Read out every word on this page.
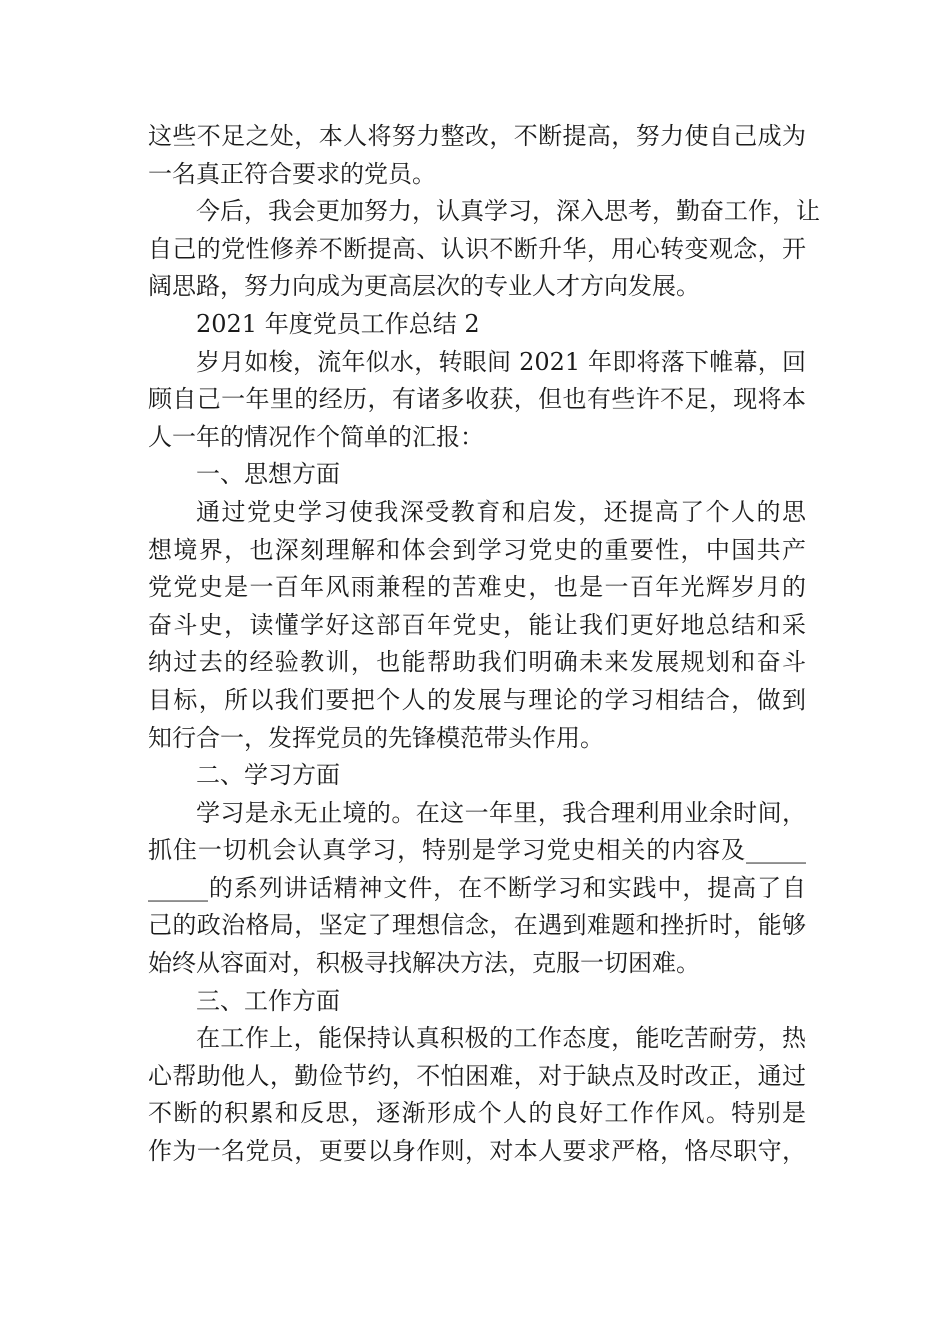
这些不足之处，本人将努力整改，不断提高，努力使自己成为
一名真正符合要求的党员。
今后，我会更加努力，认真学习，深入思考，勤奋工作，让
自己的党性修养不断提高、认识不断升华，用心转变观念，开
阔思路，努力向成为更高层次的专业人才方向发展。
2021 年度党员工作总结 2
岁月如梭，流年似水，转眼间 2021 年即将落下帷幕，回
顾自己一年里的经历，有诸多收获，但也有些许不足，现将本
人一年的情况作个简单的汇报：
一、思想方面
通过党史学习使我深受教育和启发，还提高了个人的思
想境界，也深刻理解和体会到学习党史的重要性，中国共产
党党史是一百年风雨兼程的苦难史，也是一百年光辉岁月的
奋斗史，读懂学好这部百年党史，能让我们更好地总结和采
纳过去的经验教训，也能帮助我们明确未来发展规划和奋斗
目标，所以我们要把个人的发展与理论的学习相结合，做到
知行合一，发挥党员的先锋模范带头作用。
二、学习方面
学习是永无止境的。在这一年里，我合理利用业余时间，
抓住一切机会认真学习，特别是学习党史相关的内容及_____
_____的系列讲话精神文件，在不断学习和实践中，提高了自
己的政治格局，坚定了理想信念，在遇到难题和挫折时，能够
始终从容面对，积极寻找解决方法，克服一切困难。
三、工作方面
在工作上，能保持认真积极的工作态度，能吃苦耐劳，热
心帮助他人，勤俭节约，不怕困难，对于缺点及时改正，通过
不断的积累和反思，逐渐形成个人的良好工作作风。特别是
作为一名党员，更要以身作则，对本人要求严格，恪尽职守，
